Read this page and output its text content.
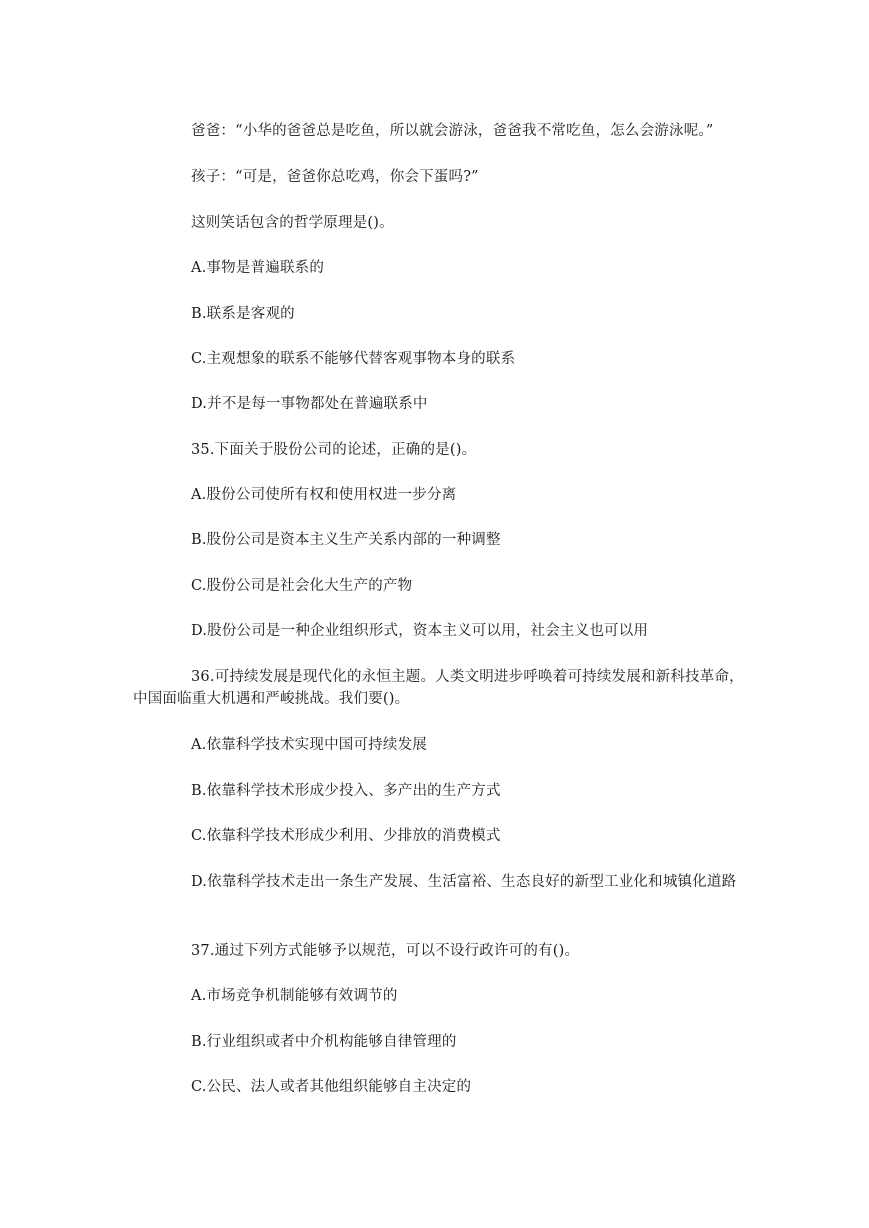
爸爸：“小华的爸爸总是吃鱼，所以就会游泳，爸爸我不常吃鱼，怎么会游泳呢。”

孩子：“可是，爸爸你总吃鸡，你会下蛋吗?”

这则笑话包含的哲学原理是()。

A.事物是普遍联系的

B.联系是客观的

C.主观想象的联系不能够代替客观事物本身的联系

D.并不是每一事物都处在普遍联系中

35.下面关于股份公司的论述，正确的是()。

A.股份公司使所有权和使用权进一步分离

B.股份公司是资本主义生产关系内部的一种调整

C.股份公司是社会化大生产的产物

D.股份公司是一种企业组织形式，资本主义可以用，社会主义也可以用

36.可持续发展是现代化的永恒主题。人类文明进步呼唤着可持续发展和新科技革命，中国面临重大机遇和严峻挑战。我们要()。

A.依靠科学技术实现中国可持续发展

B.依靠科学技术形成少投入、多产出的生产方式

C.依靠科学技术形成少利用、少排放的消费模式

D.依靠科学技术走出一条生产发展、生活富裕、生态良好的新型工业化和城镇化道路

37.通过下列方式能够予以规范，可以不设行政许可的有()。

A.市场竞争机制能够有效调节的

B.行业组织或者中介机构能够自律管理的

C.公民、法人或者其他组织能够自主决定的
